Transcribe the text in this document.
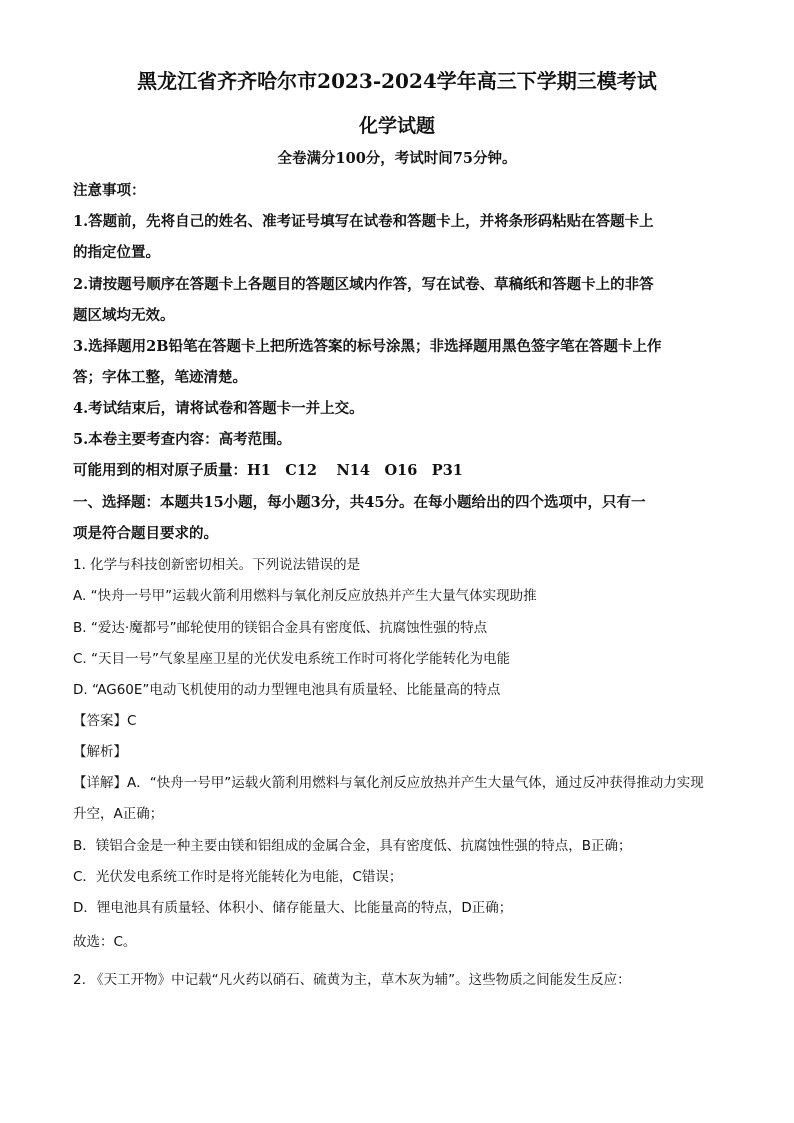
黑龙江省齐齐哈尔市2023-2024学年高三下学期三模考试
化学试题
全卷满分100分，考试时间75分钟。
注意事项：
1.答题前，先将自己的姓名、准考证号填写在试卷和答题卡上，并将条形码粘贴在答题卡上
的指定位置。
2.请按题号顺序在答题卡上各题目的答题区域内作答，写在试卷、草稿纸和答题卡上的非答
题区域均无效。
3.选择题用2B铅笔在答题卡上把所选答案的标号涂黑；非选择题用黑色签字笔在答题卡上作
答；字体工整，笔迹清楚。
4.考试结束后，请将试卷和答题卡一并上交。
5.本卷主要考查内容：高考范围。
可能用到的相对原子质量：H1　C12　 N14　O16　P31
一、选择题：本题共15小题，每小题3分，共45分。在每小题给出的四个选项中，只有一
项是符合题目要求的。
1. 化学与科技创新密切相关。下列说法错误的是
A. “快舟一号甲”运载火箭利用燃料与氧化剂反应放热并产生大量气体实现助推
B. “爱达·魔都号”邮轮使用的镁铝合金具有密度低、抗腐蚀性强的特点
C. “天目一号”气象星座卫星的光伏发电系统工作时可将化学能转化为电能
D. “AG60E”电动飞机使用的动力型锂电池具有质量轻、比能量高的特点
【答案】C
【解析】
【详解】A．“快舟一号甲”运载火箭利用燃料与氧化剂反应放热并产生大量气体，通过反冲获得推动力实现
升空，A正确；
B．镁铝合金是一种主要由镁和铝组成的金属合金，具有密度低、抗腐蚀性强的特点，B正确；
C．光伏发电系统工作时是将光能转化为电能，C错误；
D．锂电池具有质量轻、体积小、储存能量大、比能量高的特点，D正确；
故选：C。
2. 《天工开物》中记载“凡火药以硝石、硫黄为主，草木灰为辅”。这些物质之间能发生反应：
